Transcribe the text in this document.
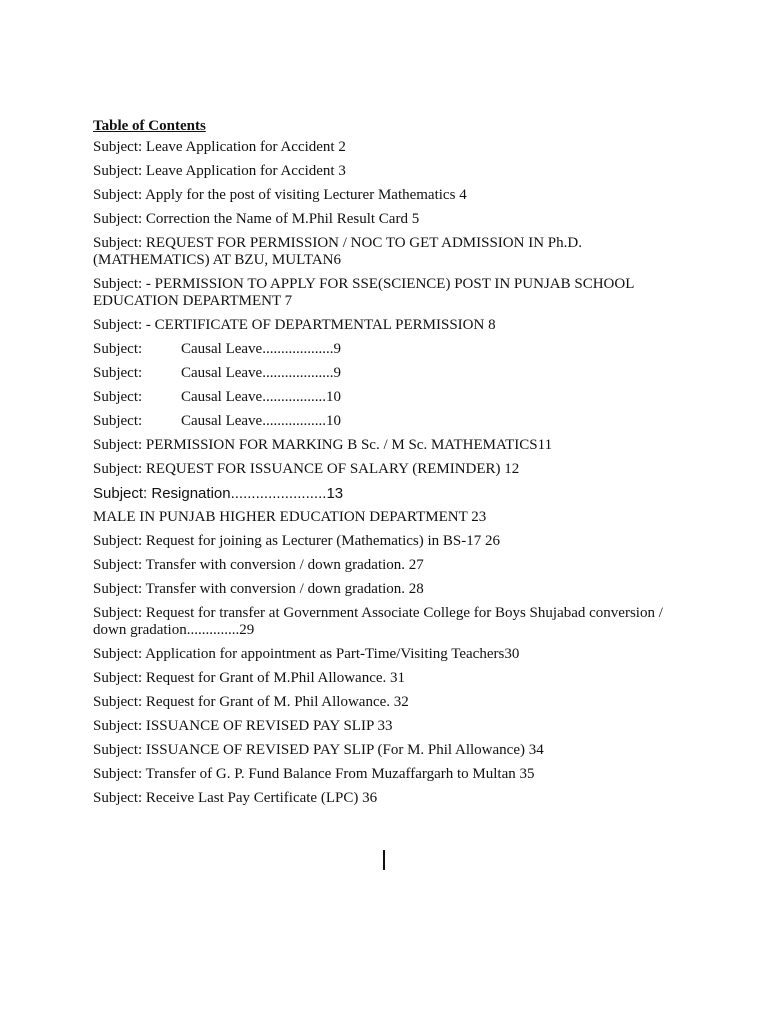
Table of Contents
Subject: Leave Application for Accident 2
Subject: Leave Application for Accident 3
Subject: Apply for the post of visiting Lecturer Mathematics 4
Subject: Correction the Name of M.Phil Result Card 5
Subject: REQUEST FOR PERMISSION / NOC TO GET ADMISSION IN Ph.D. (MATHEMATICS) AT BZU, MULTAN6
Subject: - PERMISSION TO APPLY FOR SSE(SCIENCE) POST IN PUNJAB SCHOOL EDUCATION DEPARTMENT 7
Subject: - CERTIFICATE OF DEPARTMENTAL PERMISSION 8
Subject:	Causal Leave...................9
Subject:	Causal Leave...................9
Subject:	Causal Leave.................10
Subject:	Causal Leave.................10
Subject: PERMISSION FOR MARKING B Sc. / M Sc. MATHEMATICS11
Subject: REQUEST FOR ISSUANCE OF SALARY (REMINDER) 12
Subject: Resignation.......................13
MALE IN PUNJAB HIGHER EDUCATION DEPARTMENT 23
Subject: Request for joining as Lecturer (Mathematics) in BS-17 26
Subject: Transfer with conversion / down gradation. 27
Subject: Transfer with conversion / down gradation. 28
Subject: Request for transfer at Government Associate College for Boys Shujabad conversion / down gradation..............29
Subject: Application for appointment as Part-Time/Visiting Teachers30
Subject: Request for Grant of M.Phil Allowance. 31
Subject: Request for Grant of M. Phil Allowance. 32
Subject: ISSUANCE OF REVISED PAY SLIP 33
Subject: ISSUANCE OF REVISED PAY SLIP (For M. Phil Allowance) 34
Subject: Transfer of G. P. Fund Balance From Muzaffargarh to Multan 35
Subject: Receive Last Pay Certificate (LPC) 36
